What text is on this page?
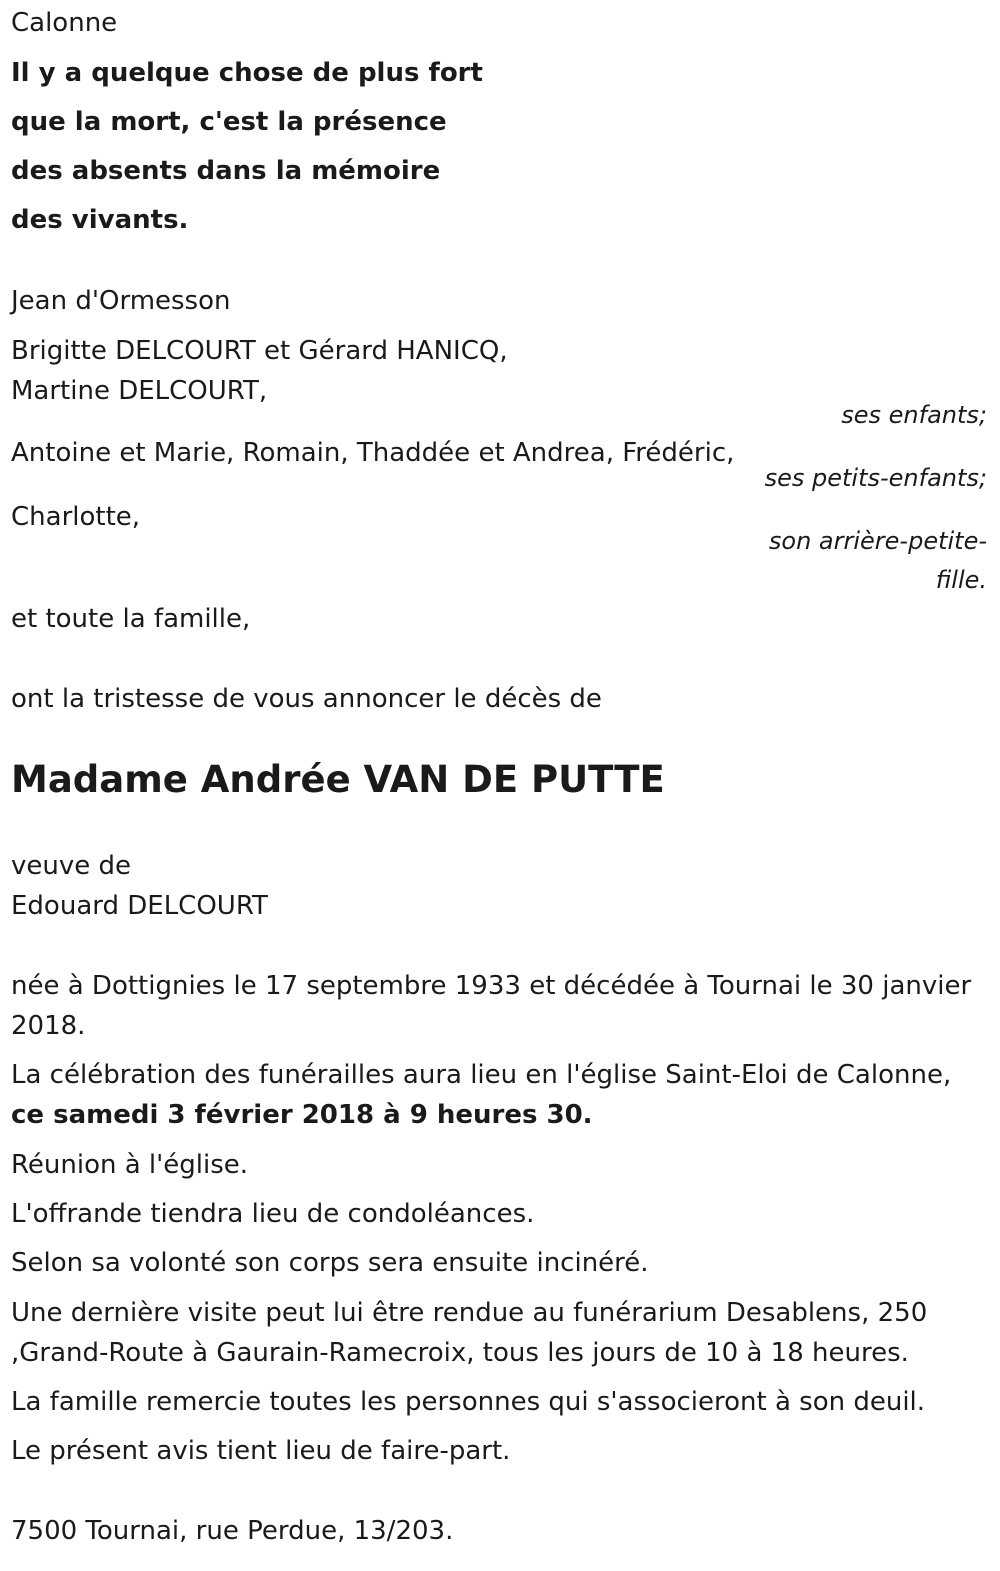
Calonne
Il y a quelque chose de plus fort
que la mort, c'est la présence
des absents dans la mémoire
des vivants.
Jean d'Ormesson
Brigitte DELCOURT et Gérard HANICQ,
Martine DELCOURT,
ses enfants;
Antoine et Marie, Romain, Thaddée et Andrea, Frédéric,
ses petits-enfants;
Charlotte,
son arrière-petite-
fille.
et toute la famille,
ont la tristesse de vous annoncer le décès de
Madame Andrée VAN DE PUTTE
veuve de
Edouard DELCOURT
née à Dottignies le 17 septembre 1933 et décédée à Tournai le 30 janvier
2018.
La célébration des funérailles aura lieu en l'église Saint-Eloi de Calonne,
ce samedi 3 février 2018 à 9 heures 30.
Réunion à l'église.
L'offrande tiendra lieu de condoléances.
Selon sa volonté son corps sera ensuite incinéré.
Une dernière visite peut lui être rendue au funérarium Desablens, 250
,Grand-Route à Gaurain-Ramecroix, tous les jours de 10 à 18 heures.
La famille remercie toutes les personnes qui s'associeront à son deuil.
Le présent avis tient lieu de faire-part.
7500 Tournai, rue Perdue, 13/203.
